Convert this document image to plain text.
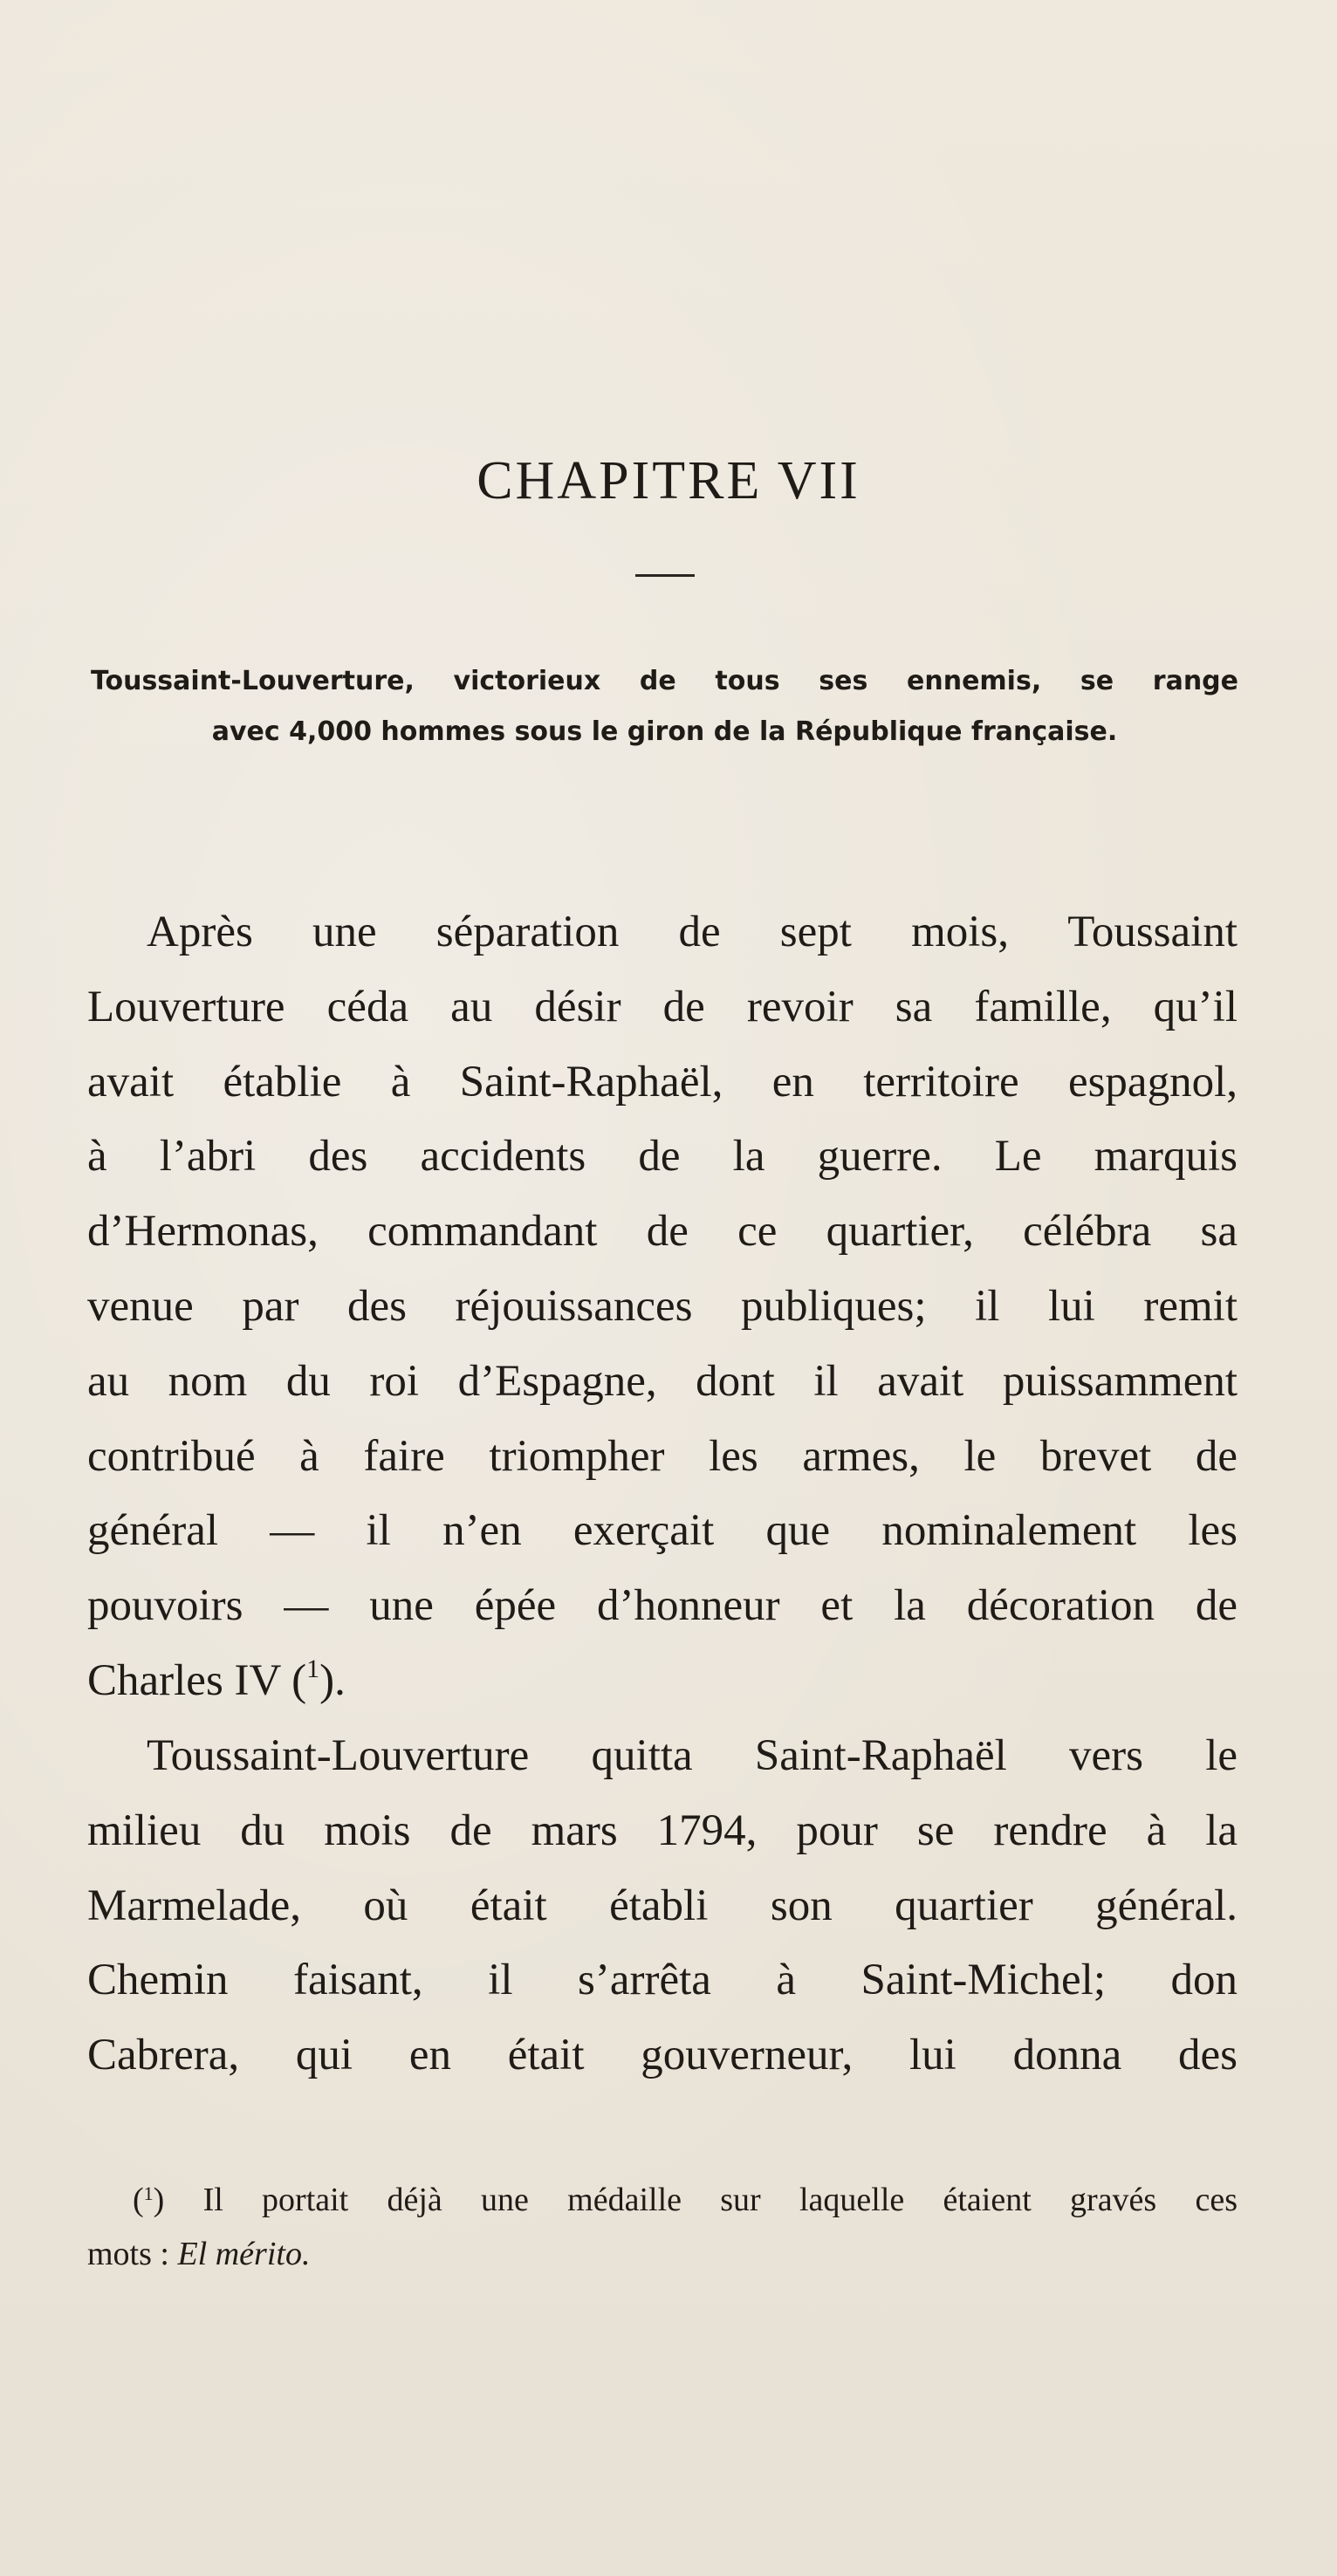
CHAPITRE VII
Toussaint-Louverture, victorieux de tous ses ennemis, se range
avec 4,000 hommes sous le giron de la République française.
Après une séparation de sept mois, Toussaint
Louverture céda au désir de revoir sa famille, qu’il
avait établie à Saint-Raphaël, en territoire espagnol,
à l’abri des accidents de la guerre. Le marquis
d’Hermonas, commandant de ce quartier, célébra sa
venue par des réjouissances publiques; il lui remit
au nom du roi d’Espagne, dont il avait puissamment
contribué à faire triompher les armes, le brevet de
général — il n’en exerçait que nominalement les
pouvoirs — une épée d’honneur et la décoration de
Charles IV ($^1$).
Toussaint-Louverture quitta Saint-Raphaël vers le
milieu du mois de mars 1794, pour se rendre à la
Marmelade, où était établi son quartier général.
Chemin faisant, il s’arrêta à Saint-Michel; don
Cabrera, qui en était gouverneur, lui donna des
($^1$) Il portait déjà une médaille sur laquelle étaient gravés ces
mots : El mérito.
